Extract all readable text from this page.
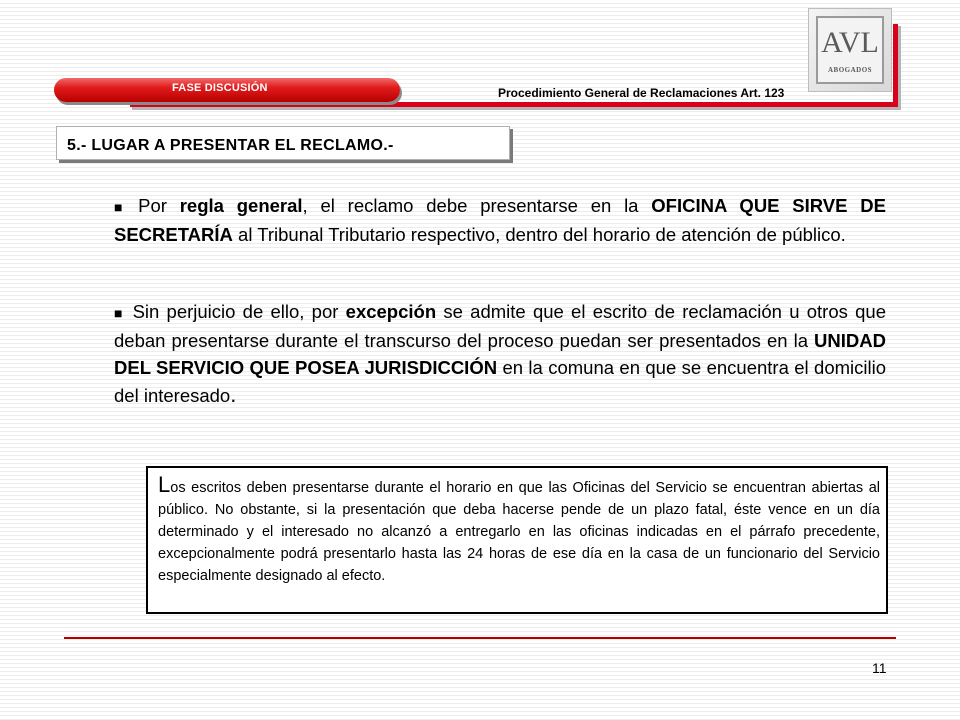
FASE DISCUSIÓN	Procedimiento General de Reclamaciones Art. 123
AVL
ABOGADOS
5.- LUGAR A PRESENTAR EL RECLAMO.-
■ Por regla general, el reclamo debe presentarse en la OFICINA QUE SIRVE DE SECRETARÍA al Tribunal Tributario respectivo, dentro del horario de atención de público.
■ Sin perjuicio de ello, por excepción se admite que el escrito de reclamación u otros que deban presentarse durante el transcurso del proceso puedan ser presentados en la UNIDAD DEL SERVICIO QUE POSEA JURISDICCIÓN en la comuna en que se encuentra el domicilio del interesado.
Los escritos deben presentarse durante el horario en que las Oficinas del Servicio se encuentran abiertas al público. No obstante, si la presentación que deba hacerse pende de un plazo fatal, éste vence en un día determinado y el interesado no alcanzó a entregarlo en las oficinas indicadas en el párrafo precedente, excepcionalmente podrá presentarlo hasta las 24 horas de ese día en la casa de un funcionario del Servicio especialmente designado al efecto.
11
